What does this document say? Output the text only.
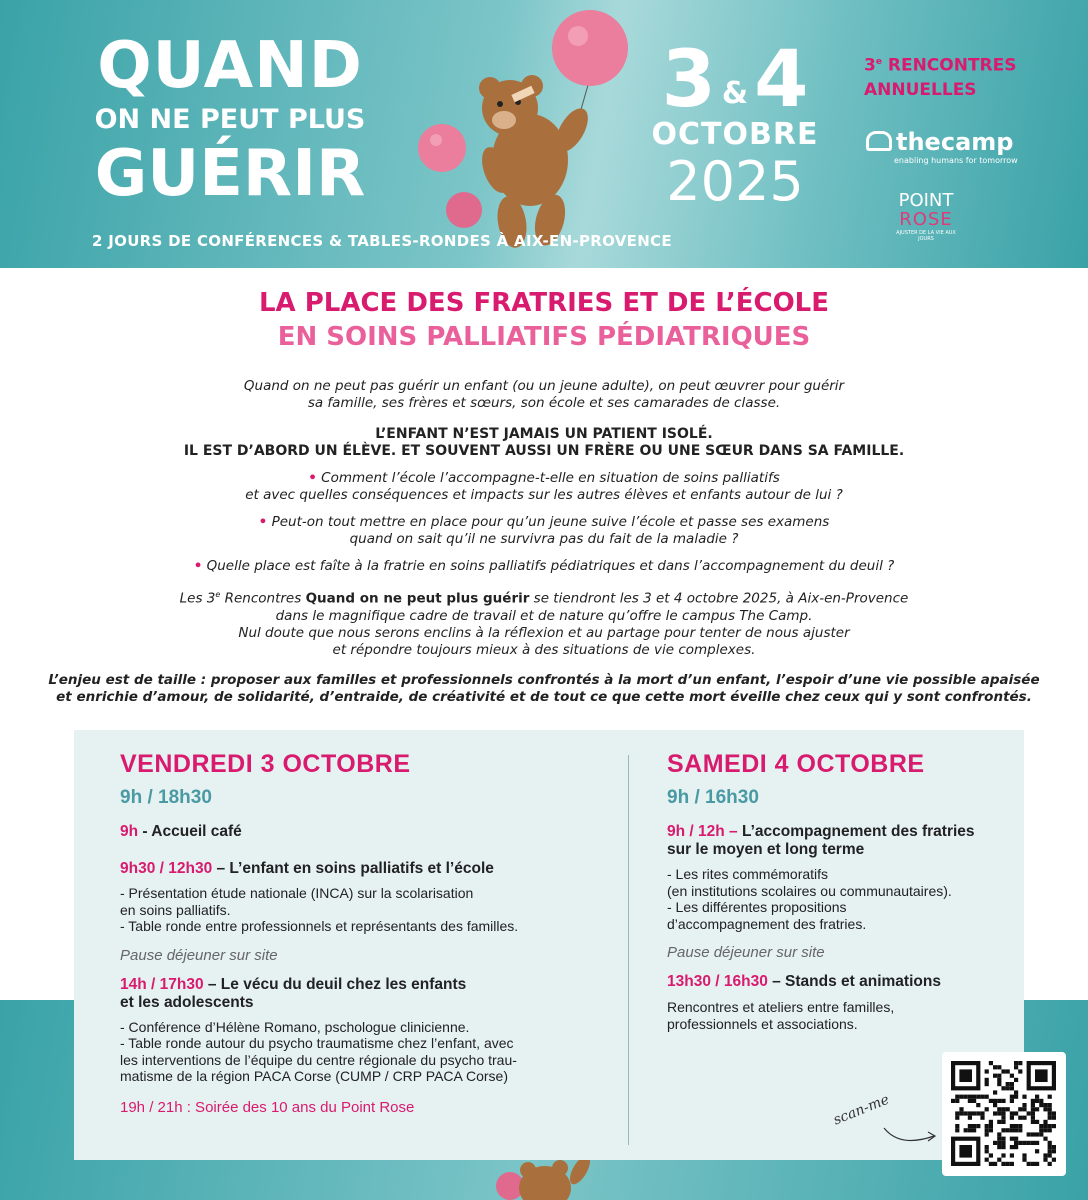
QUAND
ON NE PEUT PLUS
GUÉRIR
2 JOURS DE CONFÉRENCES & TABLES-RONDES À AIX-EN-PROVENCE
3 &4
OCTOBRE
2025
3e RENCONTRES
ANNUELLES
thecamp
enabling humans for tomorrow
POINT
ROSE
AJUSTER DE LA VIE AUX JOURS
LA PLACE DES FRATRIES ET DE L’ÉCOLE
EN SOINS PALLIATIFS PÉDIATRIQUES
Quand on ne peut pas guérir un enfant (ou un jeune adulte), on peut œuvrer pour guérir
sa famille, ses frères et sœurs, son école et ses camarades de classe.
L’ENFANT N’EST JAMAIS UN PATIENT ISOLÉ.
IL EST D’ABORD UN ÉLÈVE. ET SOUVENT AUSSI UN FRÈRE OU UNE SŒUR DANS SA FAMILLE.
• Comment l’école l’accompagne-t-elle en situation de soins palliatifs
et avec quelles conséquences et impacts sur les autres élèves et enfants autour de lui ?
• Peut-on tout mettre en place pour qu’un jeune suive l’école et passe ses examens
quand on sait qu’il ne survivra pas du fait de la maladie ?
• Quelle place est faîte à la fratrie en soins palliatifs pédiatriques et dans l’accompagnement du deuil ?
Les 3e Rencontres Quand on ne peut plus guérir se tiendront les 3 et 4 octobre 2025, à Aix-en-Provence
dans le magnifique cadre de travail et de nature qu’offre le campus The Camp.
Nul doute que nous serons enclins à la réflexion et au partage pour tenter de nous ajuster
et répondre toujours mieux à des situations de vie complexes.
L’enjeu est de taille : proposer aux familles et professionnels confrontés à la mort d’un enfant, l’espoir d’une vie possible apaisée
et enrichie d’amour, de solidarité, d’entraide, de créativité et de tout ce que cette mort éveille chez ceux qui y sont confrontés.
VENDREDI 3 OCTOBRE
9h / 18h30
9h - Accueil café
9h30 / 12h30 – L’enfant en soins palliatifs et l’école
- Présentation étude nationale (INCA) sur la scolarisation
en soins palliatifs.
- Table ronde entre professionnels et représentants des familles.
Pause déjeuner sur site
14h / 17h30 – Le vécu du deuil chez les enfants
et les adolescents
- Conférence d’Hélène Romano, pschologue clinicienne.
- Table ronde autour du psycho traumatisme chez l’enfant, avec
les interventions de l’équipe du centre régionale du psycho trau-
matisme de la région PACA Corse (CUMP / CRP PACA Corse)
19h / 21h : Soirée des 10 ans du Point Rose
SAMEDI 4 OCTOBRE
9h / 16h30
9h / 12h – L’accompagnement des fratries
sur le moyen et long terme
- Les rites commémoratifs
(en institutions scolaires ou communautaires).
- Les différentes propositions
d’accompagnement des fratries.
Pause déjeuner sur site
13h30 / 16h30 – Stands et animations
Rencontres et ateliers entre familles,
professionnels et associations.
scan-me
